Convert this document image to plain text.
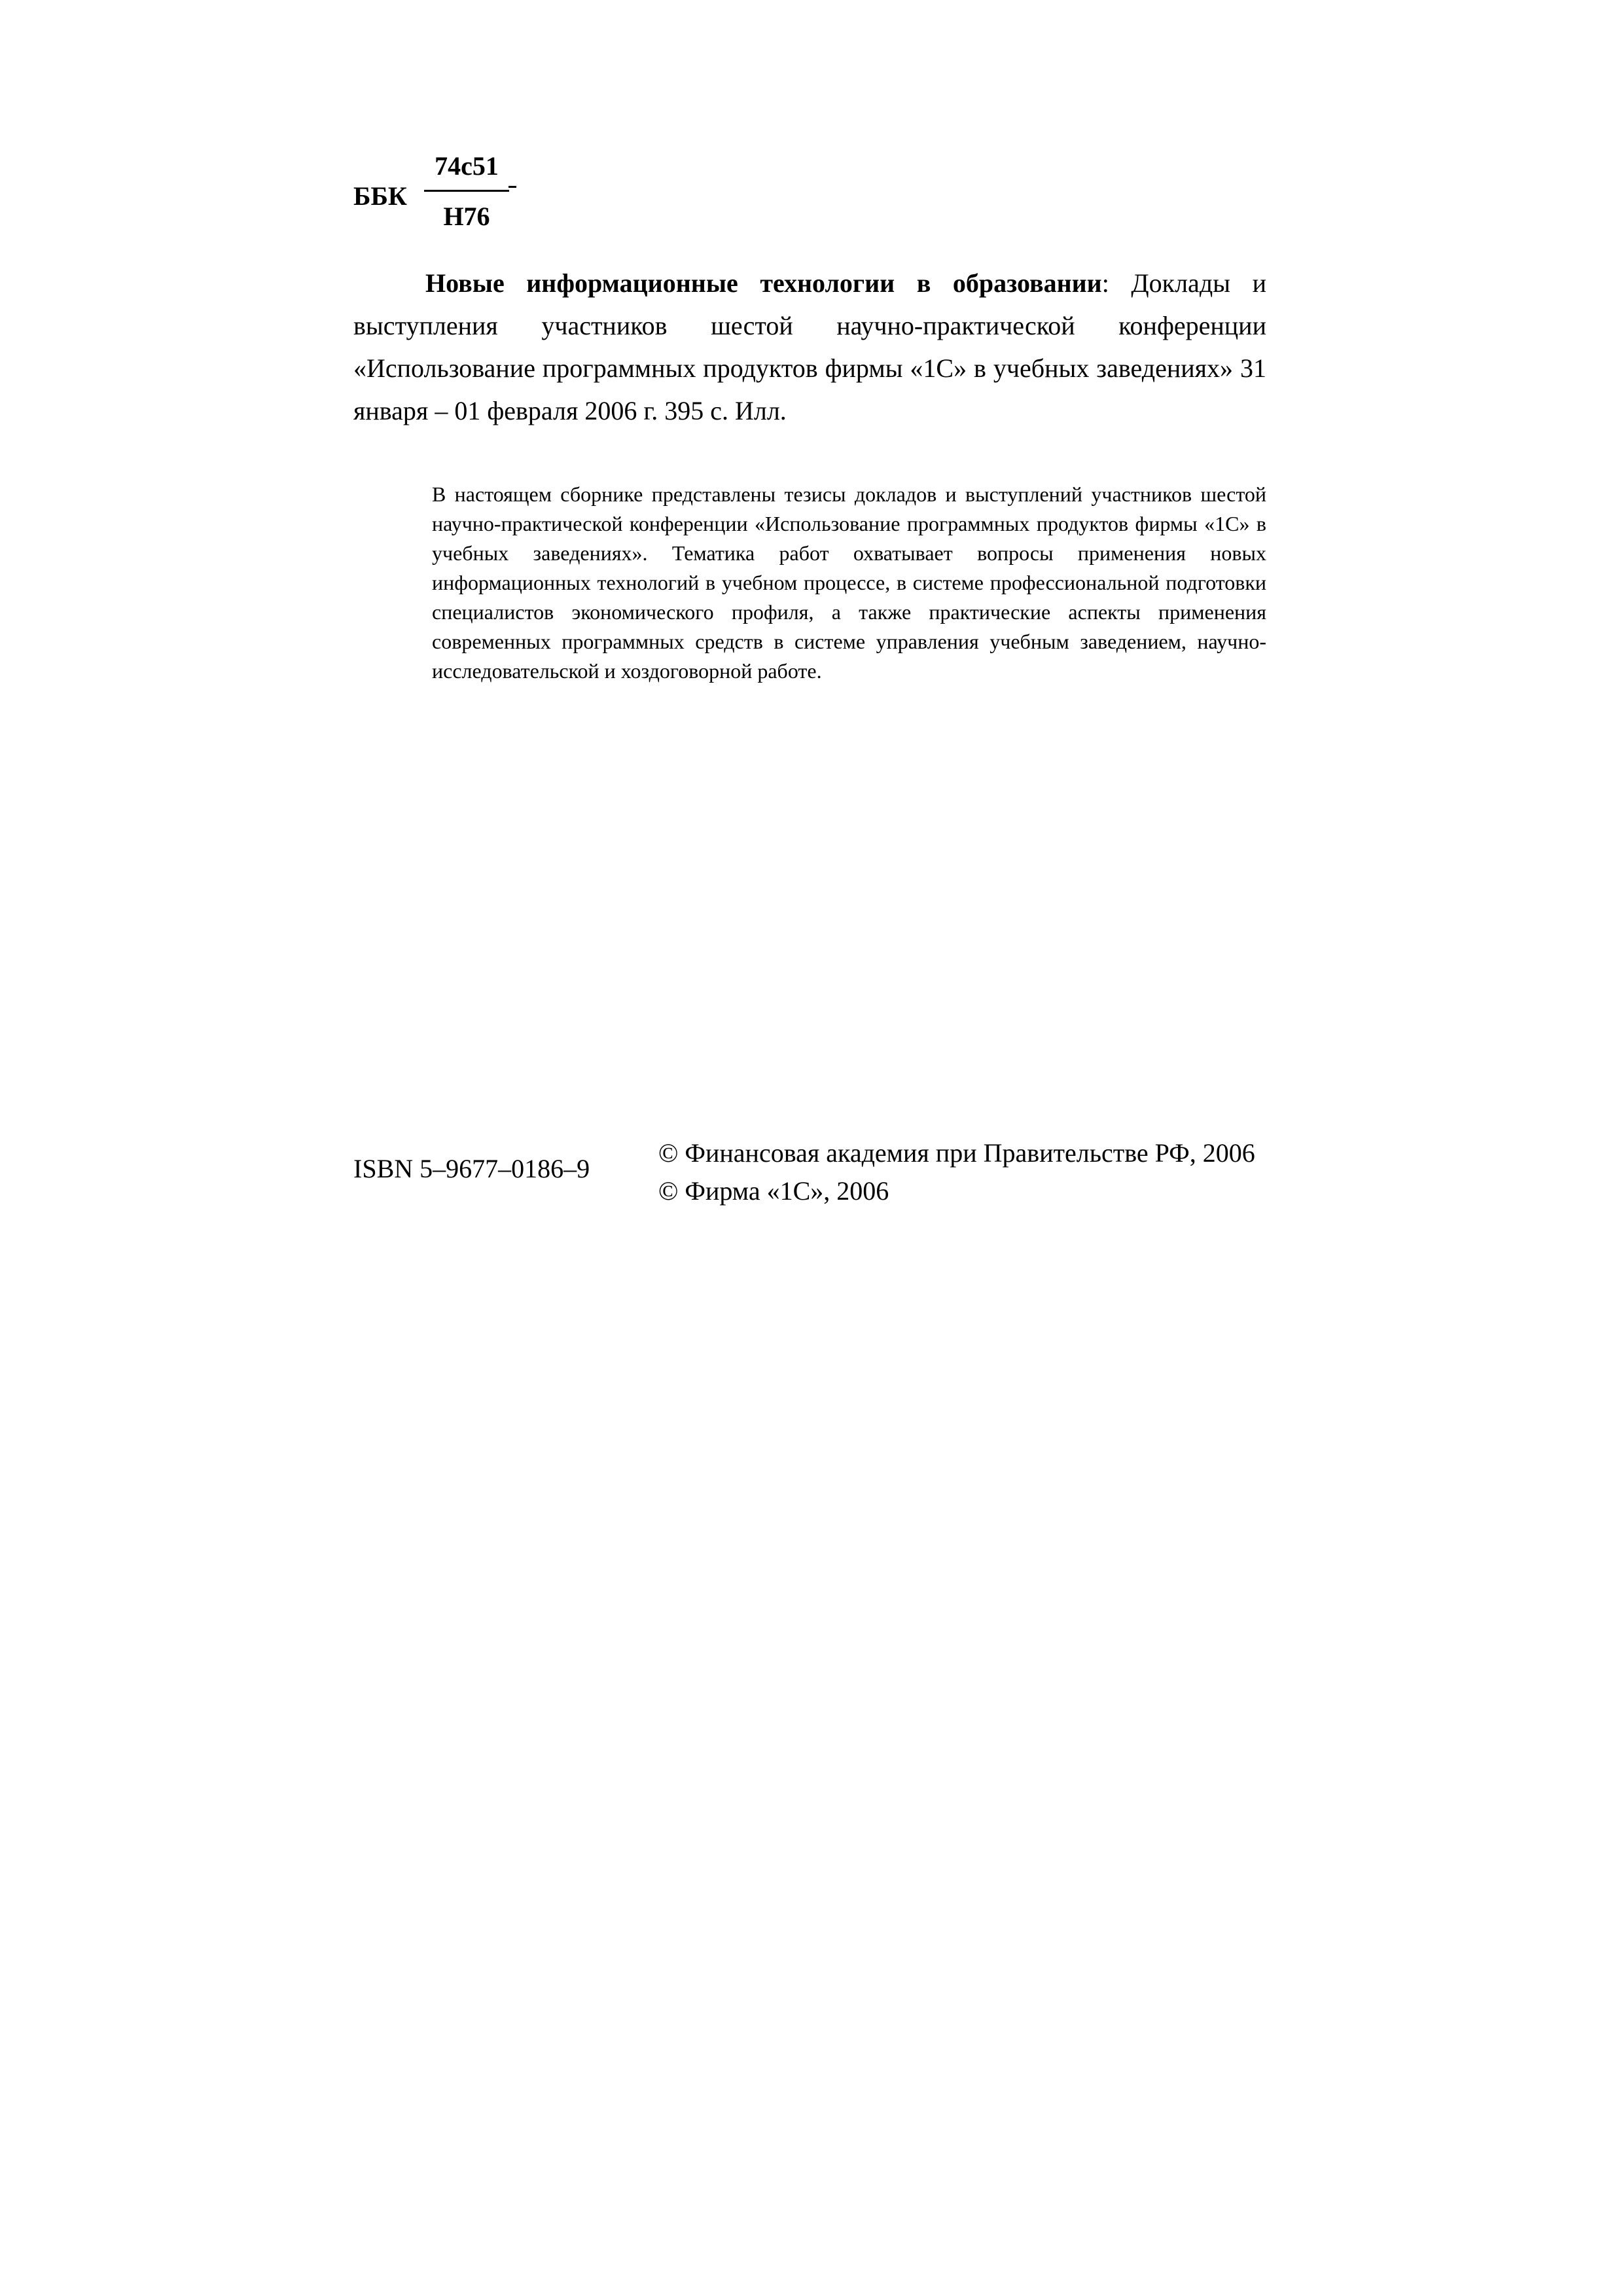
ББК
74с51
Н76

Новые информационные технологии в образовании: Доклады и выступления участников шестой научно-практической конференции «Использование программных продуктов фирмы «1С» в учебных заведениях» 31 января – 01 февраля 2006 г. 395 с. Илл.

В настоящем сборнике представлены тезисы докладов и выступлений участников шестой научно-практической конференции «Использование программных продуктов фирмы «1С» в учебных заведениях». Тематика работ охватывает вопросы применения новых информационных технологий в учебном процессе, в системе профессиональной подготовки специалистов экономического профиля, а также практические аспекты применения современных программных средств в системе управления учебным заведением, научно-исследовательской и хоздоговорной работе.

ISBN 5–9677–0186–9
© Финансовая академия при Правительстве РФ, 2006
© Фирма «1С», 2006
